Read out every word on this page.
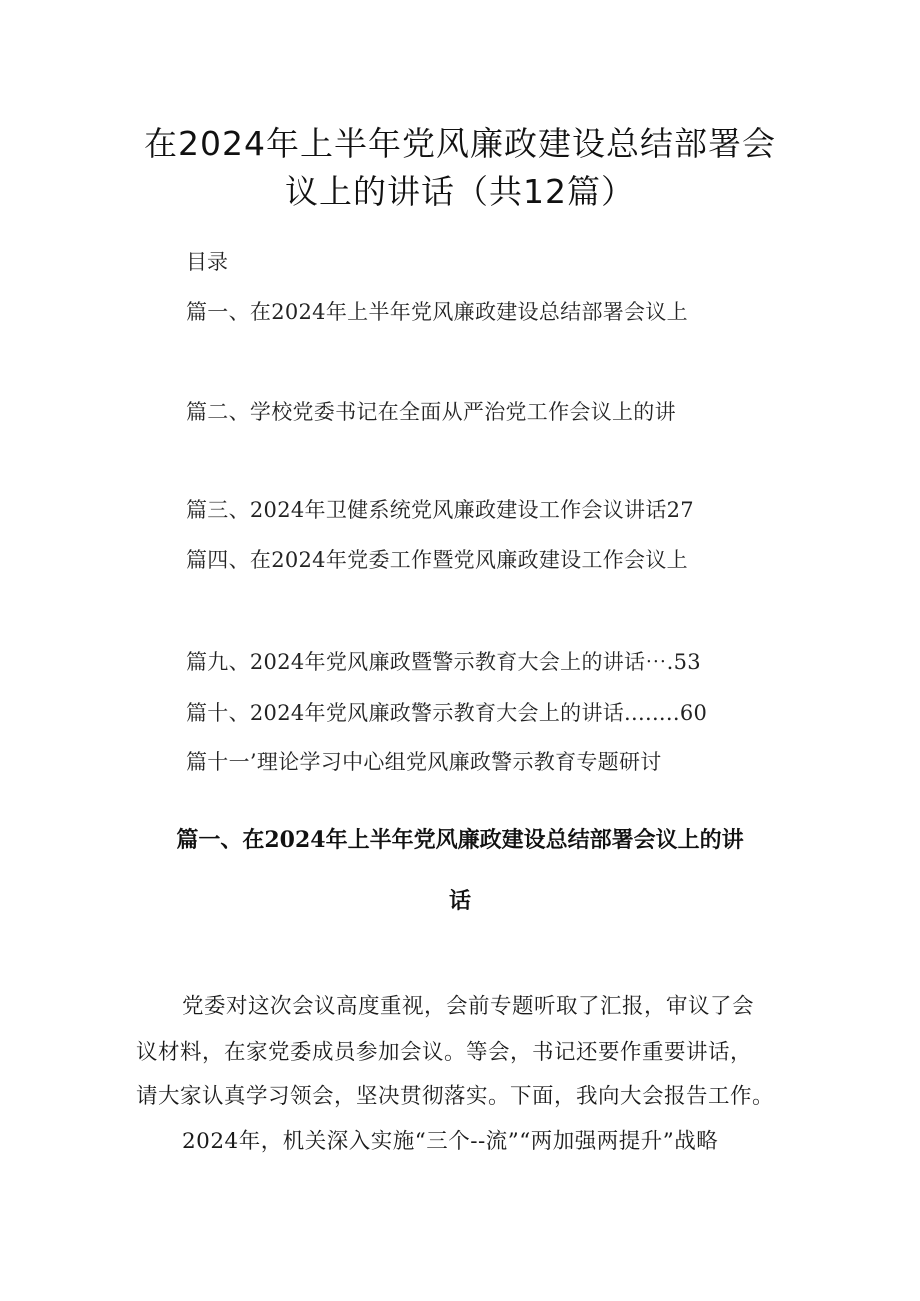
在2024年上半年党风廉政建设总结部署会
议上的讲话（共12篇）
目录
篇一、在2024年上半年党风廉政建设总结部署会议上
篇二、学校党委书记在全面从严治党工作会议上的讲
篇三、2024年卫健系统党风廉政建设工作会议讲话27
篇四、在2024年党委工作暨党风廉政建设工作会议上
篇九、2024年党风廉政暨警示教育大会上的讲话⋯.53
篇十、2024年党风廉政警示教育大会上的讲话........60
篇十一’理论学习中心组党风廉政警示教育专题研讨
篇一、在2024年上半年党风廉政建设总结部署会议上的讲
话
党委对这次会议高度重视，会前专题听取了汇报，审议了会
议材料，在家党委成员参加会议。等会，书记还要作重要讲话，
请大家认真学习领会，坚决贯彻落实。下面，我向大会报告工作。
2024年，机关深入实施“三个--流”“两加强两提升”战略
